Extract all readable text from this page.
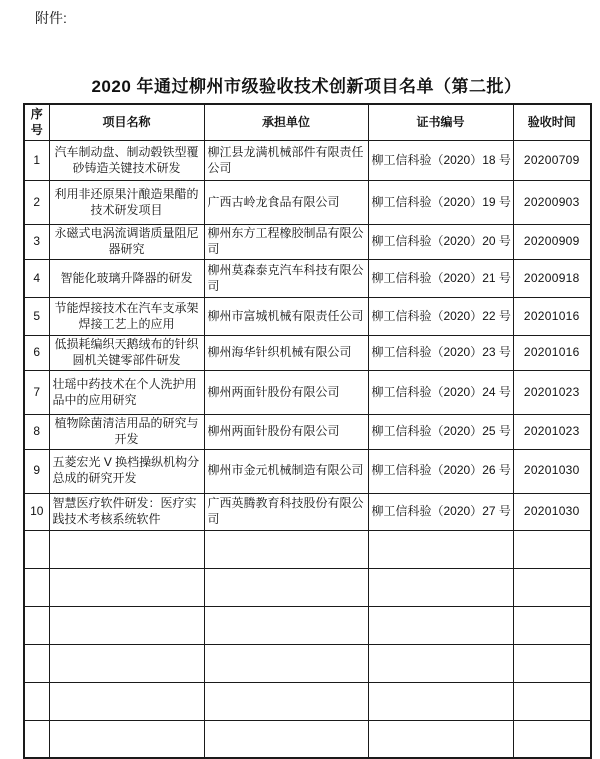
附件:
2020 年通过柳州市级验收技术创新项目名单（第二批）
序号	项目名称	承担单位	证书编号	验收时间
1	汽车制动盘、制动毂铁型覆砂铸造关键技术研发	柳江县龙满机械部件有限责任公司	柳工信科验（2020）18 号	20200709
2	利用非还原果汁酿造果醋的技术研发项目	广西古岭龙食品有限公司	柳工信科验（2020）19 号	20200903
3	永磁式电涡流调谐质量阻尼器研究	柳州东方工程橡胶制品有限公司	柳工信科验（2020）20 号	20200909
4	智能化玻璃升降器的研发	柳州莫森泰克汽车科技有限公司	柳工信科验（2020）21 号	20200918
5	节能焊接技术在汽车支承架焊接工艺上的应用	柳州市富城机械有限责任公司	柳工信科验（2020）22 号	20201016
6	低损耗编织天鹅绒布的针织圆机关键零部件研发	柳州海华针织机械有限公司	柳工信科验（2020）23 号	20201016
7	壮瑶中药技术在个人洗护用品中的应用研究	柳州两面针股份有限公司	柳工信科验（2020）24 号	20201023
8	植物除菌清洁用品的研究与开发	柳州两面针股份有限公司	柳工信科验（2020）25 号	20201023
9	五菱宏光 V 换档操纵机构分总成的研究开发	柳州市金元机械制造有限公司	柳工信科验（2020）26 号	20201030
10	智慧医疗软件研发：医疗实践技术考核系统软件	广西英腾教育科技股份有限公司	柳工信科验（2020）27 号	20201030
